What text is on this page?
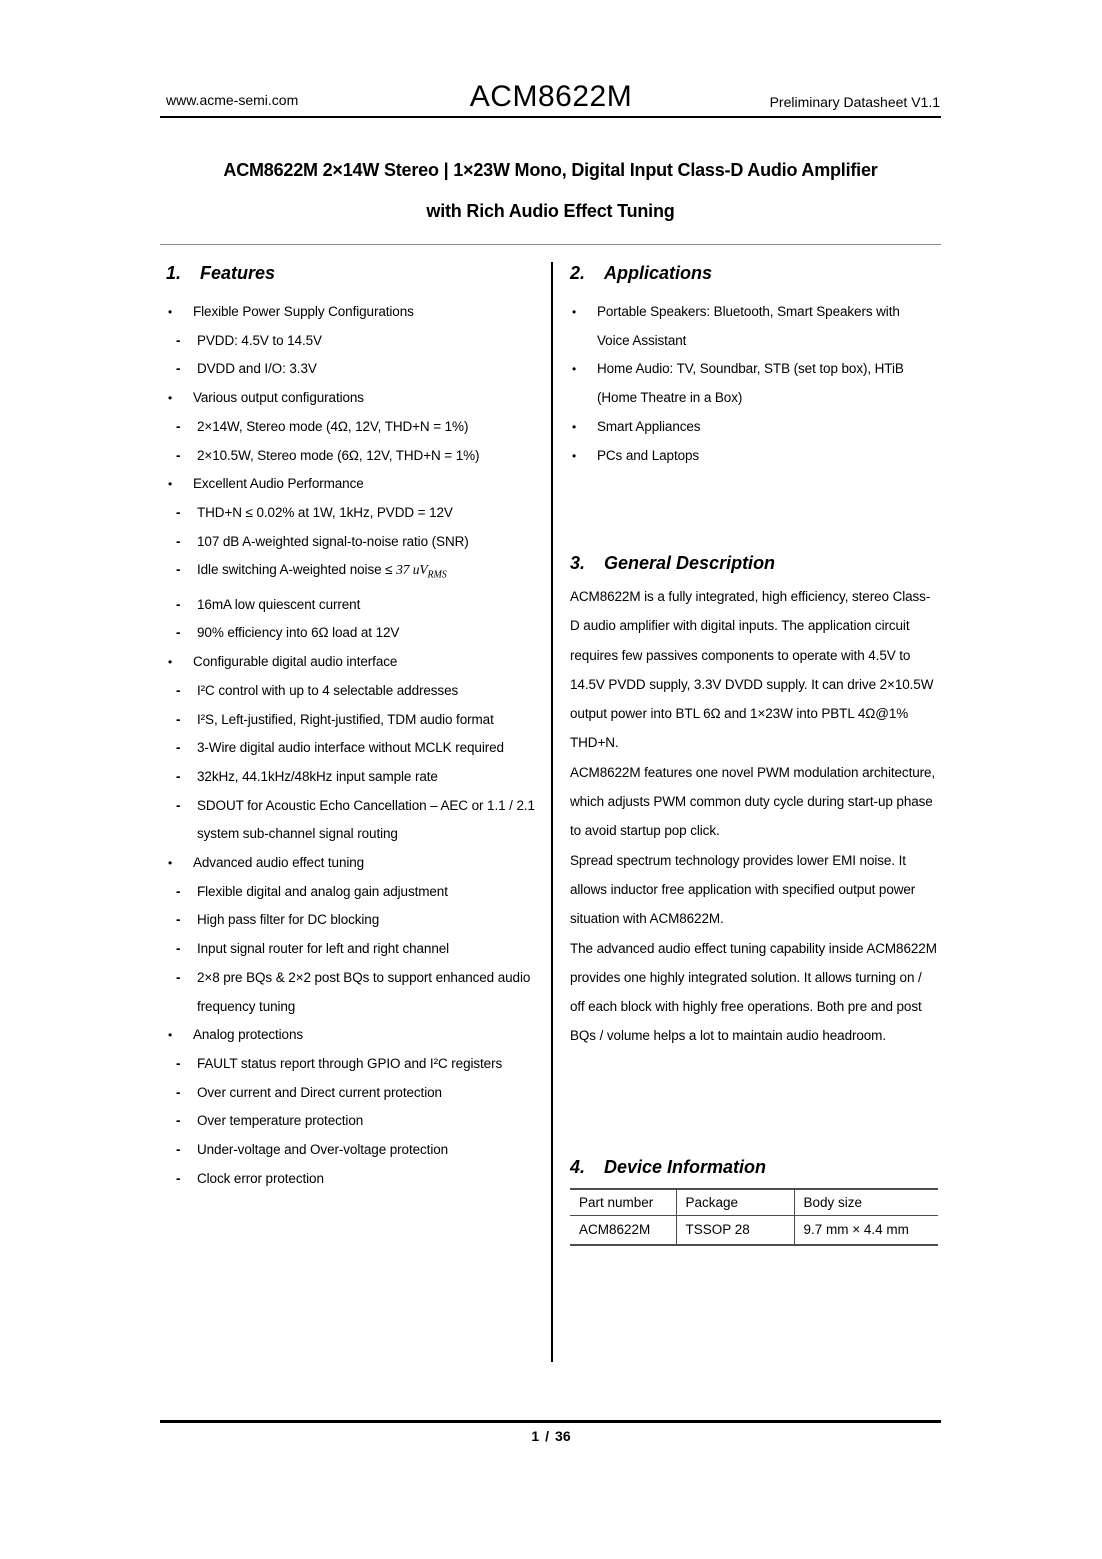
www.acme-semi.com	ACM8622M	Preliminary Datasheet V1.1
ACM8622M 2×14W Stereo | 1×23W Mono, Digital Input Class-D Audio Amplifier
with Rich Audio Effect Tuning
1. Features
• Flexible Power Supply Configurations
- PVDD: 4.5V to 14.5V
- DVDD and I/O: 3.3V
• Various output configurations
- 2×14W, Stereo mode (4Ω, 12V, THD+N = 1%)
- 2×10.5W, Stereo mode (6Ω, 12V, THD+N = 1%)
• Excellent Audio Performance
- THD+N ≤ 0.02% at 1W, 1kHz, PVDD = 12V
- 107 dB A-weighted signal-to-noise ratio (SNR)
- Idle switching A-weighted noise ≤ 37 $uV_{RMS}$
- 16mA low quiescent current
- 90% efficiency into 6Ω load at 12V
• Configurable digital audio interface
- I²C control with up to 4 selectable addresses
- I²S, Left-justified, Right-justified, TDM audio format
- 3-Wire digital audio interface without MCLK required
- 32kHz, 44.1kHz/48kHz input sample rate
- SDOUT for Acoustic Echo Cancellation – AEC or 1.1 / 2.1
system sub-channel signal routing
• Advanced audio effect tuning
- Flexible digital and analog gain adjustment
- High pass filter for DC blocking
- Input signal router for left and right channel
- 2×8 pre BQs & 2×2 post BQs to support enhanced audio
frequency tuning
• Analog protections
- FAULT status report through GPIO and I²C registers
- Over current and Direct current protection
- Over temperature protection
- Under-voltage and Over-voltage protection
- Clock error protection
2. Applications
• Portable Speakers: Bluetooth, Smart Speakers with
Voice Assistant
• Home Audio: TV, Soundbar, STB (set top box), HTiB
(Home Theatre in a Box)
• Smart Appliances
• PCs and Laptops
3. General Description

ACM8622M is a fully integrated, high efficiency, stereo Class-D audio amplifier with digital inputs. The application circuit requires few passives components to operate with 4.5V to 14.5V PVDD supply, 3.3V DVDD supply. It can drive 2×10.5W output power into BTL 6Ω and 1×23W into PBTL 4Ω@1% THD+N.

ACM8622M features one novel PWM modulation architecture, which adjusts PWM common duty cycle during start-up phase to avoid startup pop click.

Spread spectrum technology provides lower EMI noise. It allows inductor free application with specified output power situation with ACM8622M.

The advanced audio effect tuning capability inside ACM8622M provides one highly integrated solution. It allows turning on / off each block with highly free operations. Both pre and post BQs / volume helps a lot to maintain audio headroom.

4. Device Information
Part number	Package	Body size
ACM8622M	TSSOP 28	9.7 mm × 4.4 mm
1 / 36
